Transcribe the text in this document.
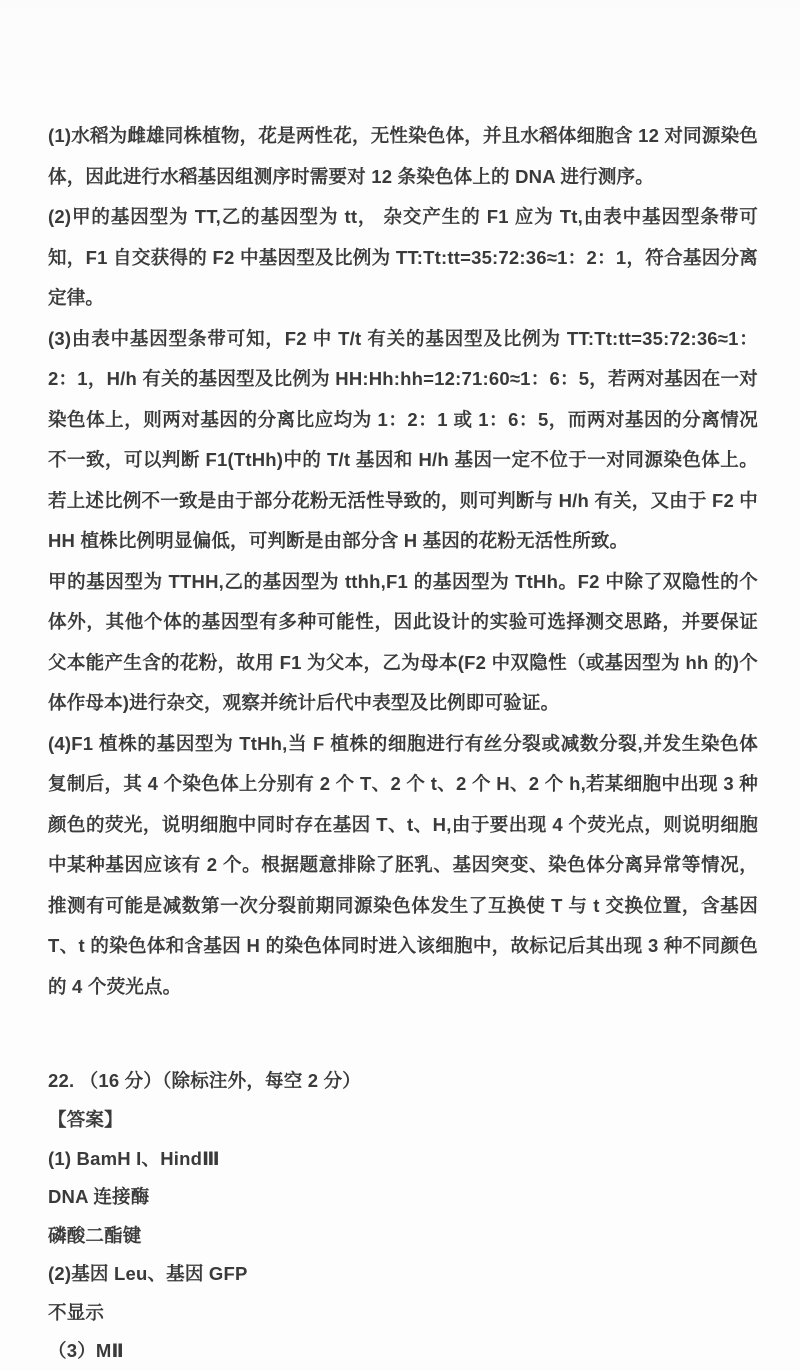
(1)水稻为雌雄同株植物，花是两性花，无性染色体，并且水稻体细胞含 12 对同源染色体，因此进行水稻基因组测序时需要对 12 条染色体上的 DNA 进行测序。

(2)甲的基因型为 TT,乙的基因型为 tt， 杂交产生的 F1 应为 Tt,由表中基因型条带可知，F1 自交获得的 F2 中基因型及比例为 TT:Tt:tt=35:72:36≈1：2：1，符合基因分离定律。

(3)由表中基因型条带可知，F2 中 T/t 有关的基因型及比例为 TT:Tt:tt=35:72:36≈1：2：1，H/h 有关的基因型及比例为 HH:Hh:hh=12:71:60≈1：6：5，若两对基因在一对染色体上，则两对基因的分离比应均为 1：2：1 或 1：6：5，而两对基因的分离情况不一致，可以判断 F1(TtHh)中的 T/t 基因和 H/h 基因一定不位于一对同源染色体上。若上述比例不一致是由于部分花粉无活性导致的，则可判断与 H/h 有关，又由于 F2 中 HH 植株比例明显偏低，可判断是由部分含 H 基因的花粉无活性所致。

甲的基因型为 TTHH,乙的基因型为 tthh,F1 的基因型为 TtHh。F2 中除了双隐性的个体外，其他个体的基因型有多种可能性，因此设计的实验可选择测交思路，并要保证父本能产生含的花粉，故用 F1 为父本，乙为母本(F2 中双隐性（或基因型为 hh 的)个体作母本)进行杂交，观察并统计后代中表型及比例即可验证。

(4)F1 植株的基因型为 TtHh,当 F 植株的细胞进行有丝分裂或减数分裂,并发生染色体复制后，其 4 个染色体上分别有 2 个 T、2 个 t、2 个 H、2 个 h,若某细胞中出现 3 种颜色的荧光，说明细胞中同时存在基因 T、t、H,由于要出现 4 个荧光点，则说明细胞中某种基因应该有 2 个。根据题意排除了胚乳、基因突变、染色体分离异常等情况，推测有可能是减数第一次分裂前期同源染色体发生了互换使 T 与 t 交换位置，含基因 T、t 的染色体和含基因 H 的染色体同时进入该细胞中，故标记后其出现 3 种不同颜色的 4 个荧光点。

22. （16 分）（除标注外，每空 2 分）

【答案】

(1) BamH I、HindⅢ

DNA 连接酶

磷酸二酯键

(2)基因 Leu、基因 GFP

不显示

（3）MⅡ
